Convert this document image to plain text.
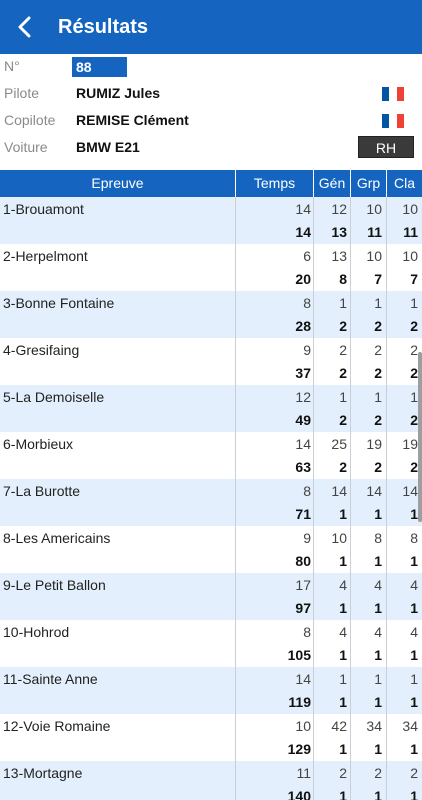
Résultats
N°	88
Pilote	RUMIZ Jules
Copilote REMISE Clément
Voiture BMW E21	RH
Epreuve	Temps	Gén Grp Cla
1-Brouamont	14 12 10 10
14 13 11 11
2-Herpelmont	6 13 10 10
20 8 7 7
3-Bonne Fontaine	8 1 1 1
28 2 2 2
4-Gresifaing	9 2 2 2
37 2 2 2
5-La Demoiselle	12 1 1 1
49 2 2 2
6-Morbieux	14 25 19 19
63 2 2 2
7-La Burotte	8 14 14 14
71 1 1 1
8-Les Americains	9 10 8 8
80 1 1 1
9-Le Petit Ballon	17 4 4 4
97 1 1 1
10-Hohrod	8 4 4 4
105 1 1 1
11-Sainte Anne	14 1 1 1
119 1 1 1
12-Voie Romaine	10 42 34 34
129 1 1 1
13-Mortagne	11 2 2 2
140 1 1 1
